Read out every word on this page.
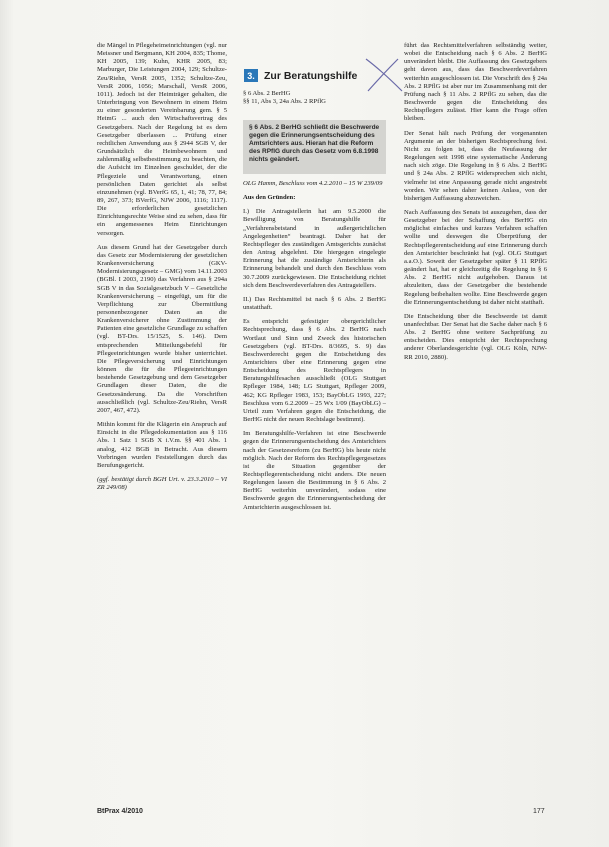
die Mängel in Pflegeheimeinrichtungen (vgl. nur Meissner und Bergmann, KH 2004, 835; Thome, KH 2005, 139; Kuhn, KHR 2005, 83; Marburger, Die Leistungen 2004, 129; Schultze-Zeu/Riehn, VersR 2005, 1352; Schultze-Zeu, VersR 2006, 1056; Marschall, VersR 2006, 1011). Jedoch ist der Heimträger gehalten, die Unterbringung von Bewohnern in einem Heim zu einer gesonderten Vereinbarung gem. § 5 HeimG ... auch den Wirtschaftsvertrag des Gesetzgebers. Nach der Regelung ist es dem Gesetzgeber überlassen ... Prüfung einer rechtlichen Anwendung aus § 2944 SGB V, der Grundsätzlich die Heimbewohnern und zahlenmäßig selbstbestimmung zu beachten, die die Aufsicht im Einzelnen geschuldet, der die Pflegeziele und Verantwortung, einen persönlichen Daten gerichtet als selbst einzunehmen (vgl. BVerfG 65, 1, 41; 78, 77, 84; 89, 267, 373; BVerfG, NJW 2006, 1116; 1117). Die erforderlichen gesetzlichen Einrichtungsrechte Weise sind zu sehen, dass für ein angemessenes Heim Einrichtungen versorgen.

Aus diesem Grund hat der Gesetzgeber durch das Gesetz zur Modernisierung der gesetzlichen Krankenversicherung (GKV-Modernisierungsgesetz – GMG) vom 14.11.2003 (BGBl. I 2003, 2190) das Verfahren aus § 294a SGB V in das Sozialgesetzbuch V – Gesetzliche Krankenversicherung – eingefügt, um für die Verpflichtung zur Übermittlung personenbezogener Daten an die Krankenversicherer ohne Zustimmung der Patienten eine gesetzliche Grundlage zu schaffen (vgl. BT-Drs. 15/1525, S. 146). Dem entsprechenden Mitteilungsbefehl für Pflegeeinrichtungen wurde bisher unterrichtet. Die Pflegeversicherung und Einrichtungen können die für die Pflegeeinrichtungen bestehende Gesetzgebung und dem Gesetzgeber Grundlagen dieser Daten, die die Gesetzesänderung. Da die Vorschriften ausschließlich (vgl. Schultze-Zeu/Riehn, VersR 2007, 467, 472).

Mithin kommt für die Klägerin ein Anspruch auf Einsicht in die Pflegedokumentation aus § 116 Abs. 1 Satz 1 SGB X i.V.m. §§ 401 Abs. 1 analog, 412 BGB in Betracht. Aus diesem Vorbringen wurden Feststellungen durch das Berufungsgericht.

(ggf. bestätigt durch BGH Urt. v. 23.3.2010 – VI ZR 249/08)

3. Zur Beratungshilfe
§ 6 Abs. 2 BerHG
§§ 11, Abs 3, 24a Abs. 2 RPflG
§ 6 Abs. 2 BerHG schließt die Beschwerde gegen die Erinnerungsentscheidung des Amtsrichters aus. Hieran hat die Reform des RPflG durch das Gesetz vom 6.8.1998 nichts geändert.

OLG Hamm, Beschluss vom 4.2.2010 – 15 W 239/09

Aus den Gründen:

I.) Die Antragstellerin hat am 9.5.2000 die Bewilligung von Beratungshilfe für „Verfahrensbeistand in außergerichtlichen Angelegenheiten“ beantragt. Daher hat der Rechtspfleger des zuständigen Amtsgerichts zunächst den Antrag abgelehnt. Die hiergegen eingelegte Erinnerung hat die zuständige Amtsrichterin als Erinnerung behandelt und durch den Beschluss vom 30.7.2009 zurückgewiesen. Die Entscheidung richtet sich dem Beschwerdeverfahren des Antragstellers.

II.) Das Rechtsmittel ist nach § 6 Abs. 2 BerHG unstatthaft.

Es entspricht gefestigter obergerichtlicher Rechtsprechung, dass § 6 Abs. 2 BerHG nach Wortlaut und Sinn und Zweck des historischen Gesetzgebers (vgl. BT-Drs. 8/3695, S. 9) das Beschwerderecht gegen die Entscheidung des Amtsrichters über eine Erinnerung gegen eine Entscheidung des Rechtspflegers in Beratungshilfesachen ausschließt (OLG Stuttgart Rpfleger 1984, 148; LG Stuttgart, Rpfleger 2009, 462; KG Rpfleger 1983, 153; BayObLG 1993, 227; Beschluss vom 6.2.2009 – 25 Wx 1/09 (BayObLG) – Urteil zum Verfahren gegen die Entscheidung, die BerHG nicht der neuen Rechtslage bestimmt).

Im Beratungshilfe-Verfahren ist eine Beschwerde gegen die Erinnerungsentscheidung des Amtsrichters nach der Gesetzesreform (zu BerHG) bis heute nicht möglich. Nach der Reform des Rechtspflegergesetzes ist die Situation gegenüber der Rechtspflegerentscheidung nicht anders. Die neuen Regelungen lassen die Bestimmung in § 6 Abs. 2 BerHG weiterhin unverändert, sodass eine Beschwerde gegen die Erinnerungsentscheidung der Amtsrichterin ausgeschlossen ist.

führt das Rechtsmittelverfahren selbständig weiter, wobei die Entscheidung nach § 6 Abs. 2 BerHG unverändert bleibt. Die Auffassung des Gesetzgebers geht davon aus, dass das Beschwerdeverfahren weiterhin ausgeschlossen ist. Die Vorschrift des § 24a Abs. 2 RPflG ist aber nur im Zusammenhang mit der Prüfung nach § 11 Abs. 2 RPflG zu sehen, das die Beschwerde gegen die Entscheidung des Rechtspflegers zulässt. Hier kann die Frage offen bleiben.

Der Senat hält nach Prüfung der vorgenannten Argumente an der bisherigen Rechtsprechung fest. Nicht zu folgen ist, dass die Neufassung der Regelungen seit 1998 eine systematische Änderung nach sich zöge. Die Regelung in § 6 Abs. 2 BerHG und § 24a Abs. 2 RPflG widersprechen sich nicht, vielmehr ist eine Anpassung gerade nicht angestrebt worden. Wir sehen daher keinen Anlass, von der bisherigen Auffassung abzuweichen.

Nach Auffassung des Senats ist auszugehen, dass der Gesetzgeber bei der Schaffung des BerHG ein möglichst einfaches und kurzes Verfahren schaffen wollte und deswegen die Überprüfung der Rechtspflegerentscheidung auf eine Erinnerung durch den Amtsrichter beschränkt hat (vgl. OLG Stuttgart a.a.O.). Soweit der Gesetzgeber später § 11 RPflG geändert hat, hat er gleichzeitig die Regelung in § 6 Abs. 2 BerHG nicht aufgehoben. Daraus ist abzuleiten, dass der Gesetzgeber die bestehende Regelung beibehalten wollte. Eine Beschwerde gegen die Erinnerungsentscheidung ist daher nicht statthaft.

Die Entscheidung über die Beschwerde ist damit unanfechtbar. Der Senat hat die Sache daher nach § 6 Abs. 2 BerHG ohne weitere Sachprüfung zu entscheiden. Dies entspricht der Rechtsprechung anderer Oberlandesgerichte (vgl. OLG Köln, NJW-RR 2010, 2880).

BtPrax 4/2010	177
